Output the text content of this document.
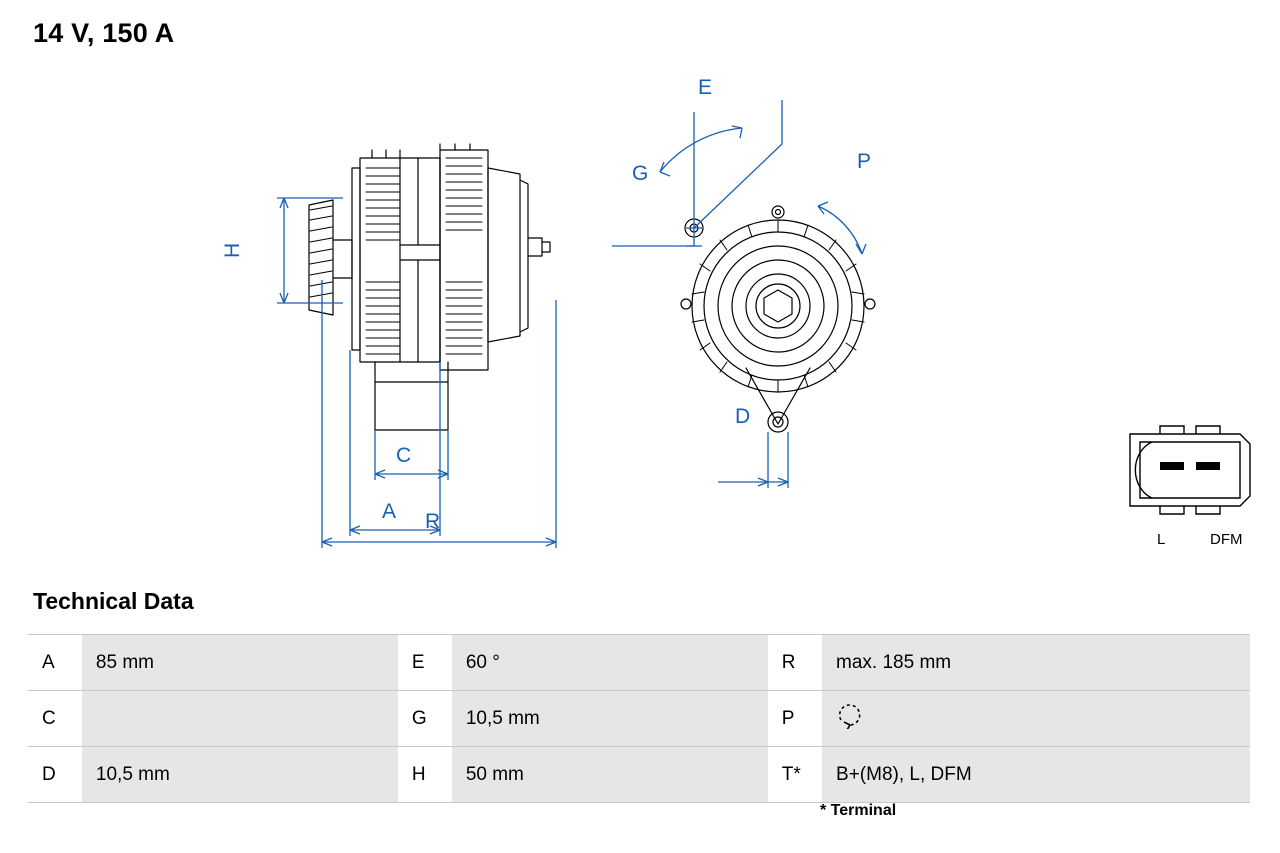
14 V, 150 A
H
C
A R
E
G
P
D
L	DFM
Technical Data
A	85 mm	E	60 °	R	max. 185 mm
C		G	10,5 mm	P	
D	10,5 mm	H	50 mm	T*	B+(M8), L, DFM
* Terminal
